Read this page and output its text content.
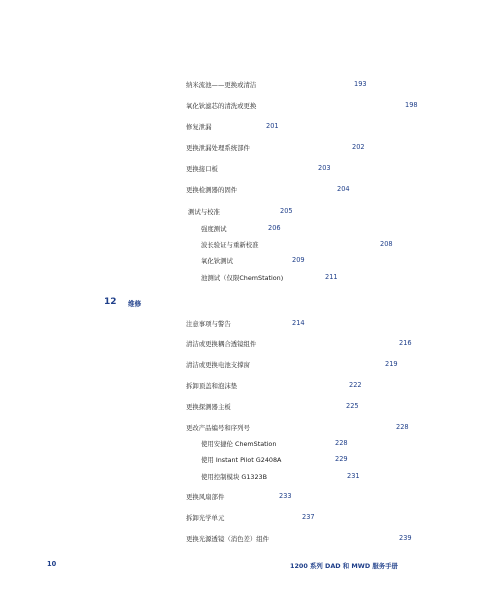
纳米流池——更换或清洁	193
氧化钬滤芯的清洗或更换	198
修复泄漏	201
更换泄漏处理系统部件	202
更换接口板	203
更换检测器的固件	204
测试与校准	205
强度测试	206
波长验证与重新校准	208
氧化钬测试	209
池测试（仅限ChemStation)	211
12 维修
注意事项与警告	214
清洁或更换耦合透镜组件	216
清洁或更换电池支撑窗	219
拆卸顶盖和泡沫垫	222
更换探测器主板	225
更改产品编号和序列号	228
使用安捷伦 ChemStation	228
使用 Instant Pilot G2408A	229
使用控制模块 G1323B	231
更换风扇部件	233
拆卸光学单元	237
更换光源透镜（消色差）组件	239
10	1200 系列 DAD 和 MWD 服务手册
